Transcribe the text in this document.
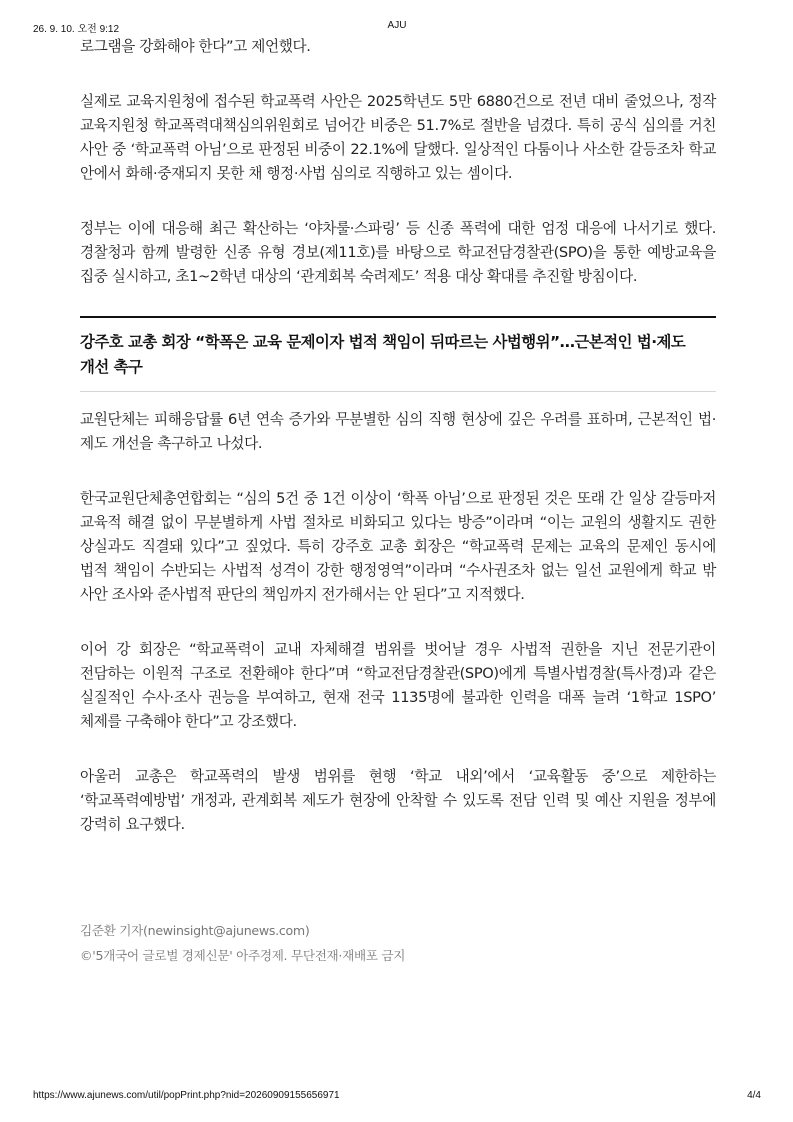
26. 9. 10. 오전 9:12	AJU

로그램을 강화해야 한다”고 제언했다.

실제로 교육지원청에 접수된 학교폭력 사안은 2025학년도 5만 6880건으로 전년 대비 줄었으나, 정작 교육지원청 학교폭력대책심의위원회로 넘어간 비중은 51.7%로 절반을 넘겼다. 특히 공식 심의를 거친 사안 중 ‘학교폭력 아님’으로 판정된 비중이 22.1%에 달했다. 일상적인 다툼이나 사소한 갈등조차 학교 안에서 화해·중재되지 못한 채 행정·사법 심의로 직행하고 있는 셈이다.

정부는 이에 대응해 최근 확산하는 ‘야차룰·스파링’ 등 신종 폭력에 대한 엄정 대응에 나서기로 했다. 경찰청과 함께 발령한 신종 유형 경보(제11호)를 바탕으로 학교전담경찰관(SPO)을 통한 예방교육을 집중 실시하고, 초1~2학년 대상의 ‘관계회복 숙려제도’ 적용 대상 확대를 추진할 방침이다.

강주호 교총 회장 “학폭은 교육 문제이자 법적 책임이 뒤따르는 사법행위”…근본적인 법·제도 개선 촉구

교원단체는 피해응답률 6년 연속 증가와 무분별한 심의 직행 현상에 깊은 우려를 표하며, 근본적인 법·제도 개선을 촉구하고 나섰다.

한국교원단체총연합회는 “심의 5건 중 1건 이상이 ‘학폭 아님’으로 판정된 것은 또래 간 일상 갈등마저 교육적 해결 없이 무분별하게 사법 절차로 비화되고 있다는 방증”이라며 “이는 교원의 생활지도 권한 상실과도 직결돼 있다”고 짚었다. 특히 강주호 교총 회장은 “학교폭력 문제는 교육의 문제인 동시에 법적 책임이 수반되는 사법적 성격이 강한 행정영역”이라며 “수사권조차 없는 일선 교원에게 학교 밖 사안 조사와 준사법적 판단의 책임까지 전가해서는 안 된다”고 지적했다.

이어 강 회장은 “학교폭력이 교내 자체해결 범위를 벗어날 경우 사법적 권한을 지닌 전문기관이 전담하는 이원적 구조로 전환해야 한다”며 “학교전담경찰관(SPO)에게 특별사법경찰(특사경)과 같은 실질적인 수사·조사 권능을 부여하고, 현재 전국 1135명에 불과한 인력을 대폭 늘려 ‘1학교 1SPO’ 체제를 구축해야 한다”고 강조했다.

아울러 교총은 학교폭력의 발생 범위를 현행 ‘학교 내외’에서 ‘교육활동 중’으로 제한하는 ‘학교폭력예방법’ 개정과, 관계회복 제도가 현장에 안착할 수 있도록 전담 인력 및 예산 지원을 정부에 강력히 요구했다.

김준환 기자(newinsight@ajunews.com)
©'5개국어 글로벌 경제신문' 아주경제. 무단전재·재배포 금지
https://www.ajunews.com/util/popPrint.php?nid=20260909155656971	4/4
